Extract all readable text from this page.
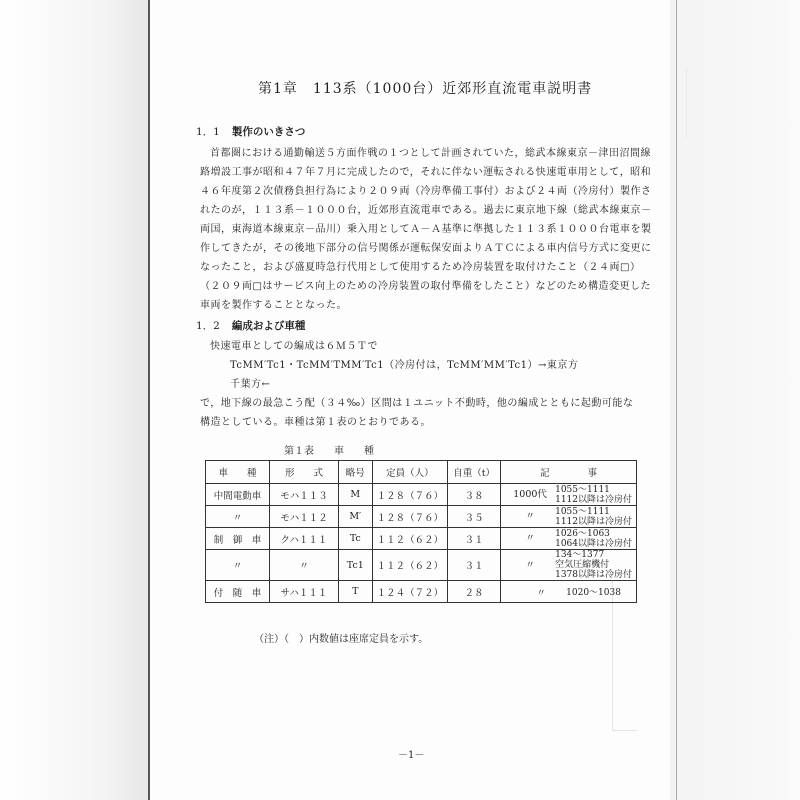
第1章　113系（1000台）近郊形直流電車説明書
1．1 製作のいきさつ
首都圏における通勤輸送５方面作戦の１つとして計画されていた，総武本線東京－津田沼間線
路増設工事が昭和４７年７月に完成したので，それに伴ない運転される快速電車用として，昭和
４６年度第２次債務負担行為により２０９両（冷房準備工事付）および２４両（冷房付）製作さ
れたのが，１１３系－１０００台，近郊形直流電車である。過去に東京地下線（総武本線東京－
両国，東海道本線東京－品川）乗入用としてＡ－Ａ基準に準拠した１１３系１０００台電車を製
作してきたが，その後地下部分の信号関係が運転保安面よりＡＴＣによる車内信号方式に変更に
なったこと，および盛夏時急行代用として使用するため冷房装置を取付けたこと（２４両□）
（２０９両□はサービス向上のための冷房装置の取付準備をしたこと）などのため構造変更した
車両を製作することとなった。
1．2 編成および車種
快速電車としての編成は６Ｍ５Ｔで
TcMM′Tc1・TcMM′TMM′Tc1（冷房付は，TcMM′MM′Tc1）→東京方
千葉方←
で，地下線の最急こう配（３４‰）区間は１ユニット不動時，他の編成とともに起動可能な
構造としている。車種は第１表のとおりである。
第１表　　車　　種
車　　種	形　　式	略号	定員（人）	自重（t）	記　　　　事
中間電動車	モハ１１３	M	１２８（７６）	３８	1000代 1055～1111
1112以降は冷房付
〃	モハ１１２	M′	１２８（７６）	３５	〃 1055～1111
1112以降は冷房付
制　御　車	クハ１１１	Tc	１１２（６２）	３１	〃 1026～1063
1064以降は冷房付
〃	〃	Tc1	１１２（６２）	３１	〃134～1377
空気圧縮機付
1378以降は冷房付
付　随　車	サハ１１１	T	１２４（７２）	２８	〃 1020～1038
（注）（　）内数値は座席定員を示す。
－1－
